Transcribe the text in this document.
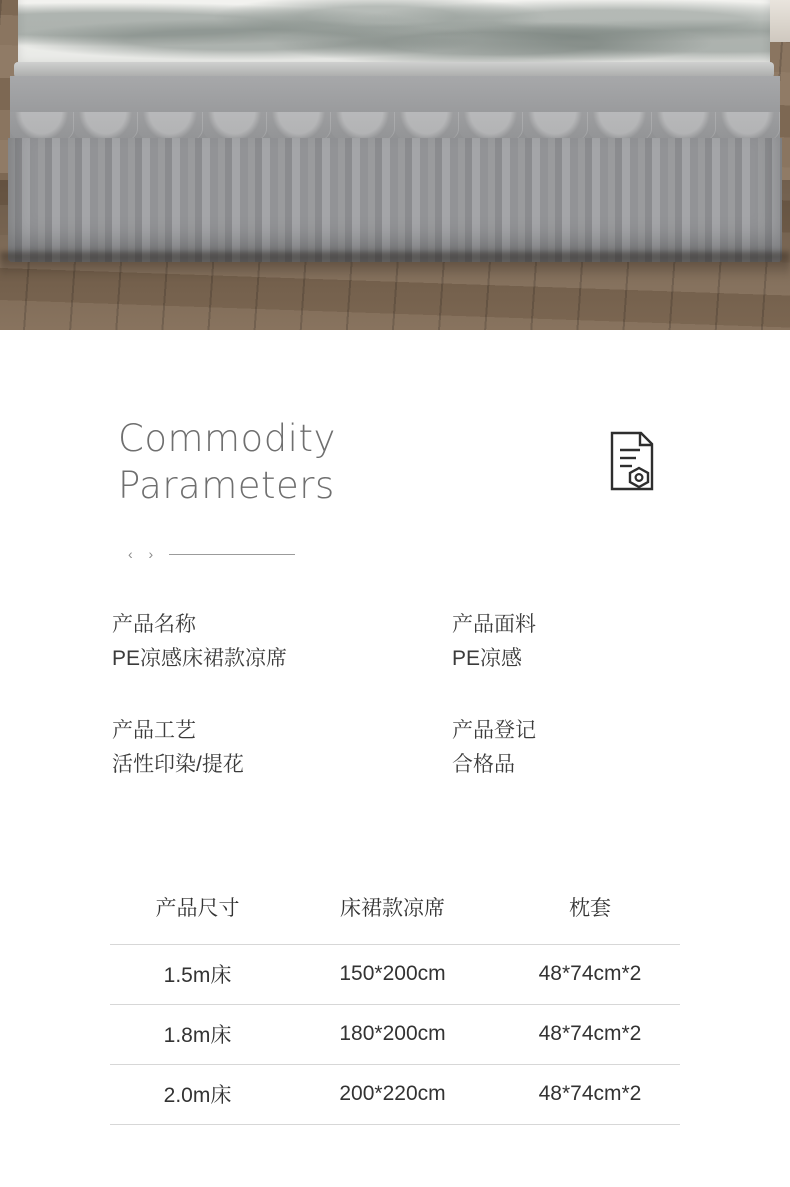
Commodity
Parameters
‹ ›
产品名称
PE凉感床裙款凉席
产品面料
PE凉感
产品工艺
活性印染/提花
产品登记
合格品
产品尺寸	床裙款凉席	枕套
1.5m床	150*200cm	48*74cm*2
1.8m床	180*200cm	48*74cm*2
2.0m床	200*220cm	48*74cm*2
